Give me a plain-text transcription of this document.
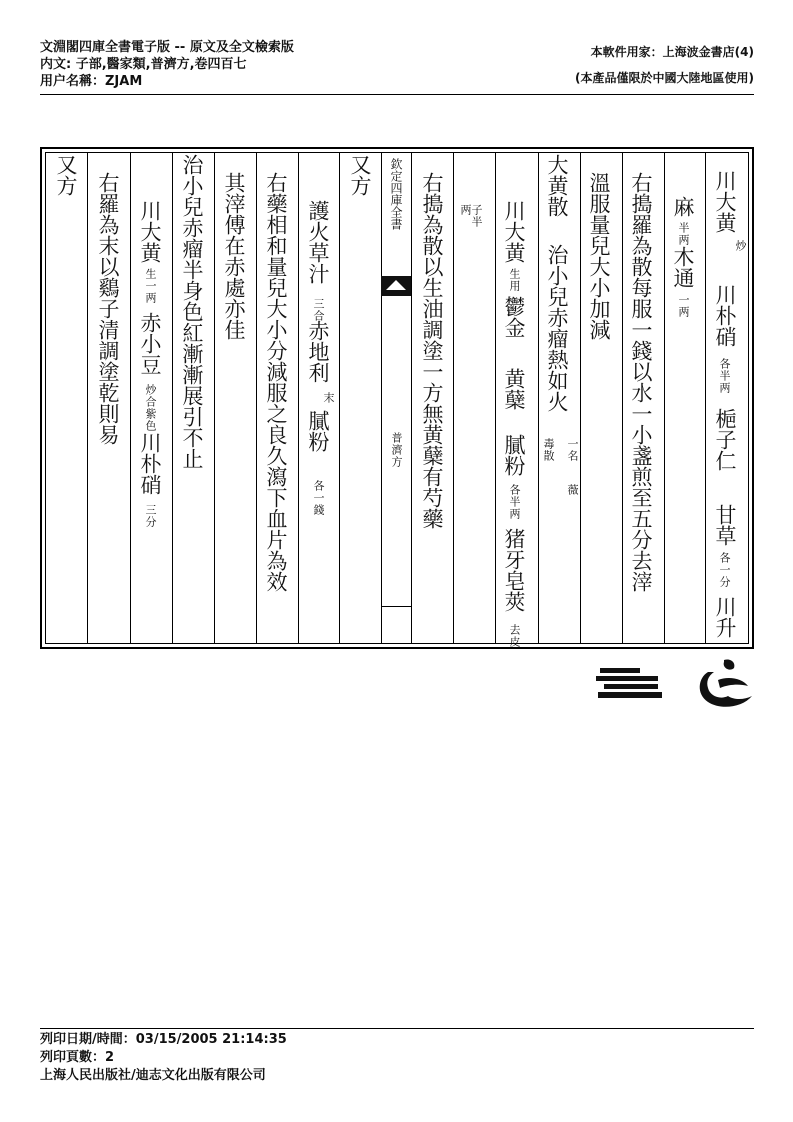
文淵閣四庫全書電子版 -- 原文及全文檢索版
内文: 子部,醫家類,普濟方,卷四百七
用户名稱：ZJAM
本軟件用家：上海波金書店(4)
(本產品僅限於中國大陸地區使用)
川大黄
炒
川朴硝
各半两
梔子仁
甘草
各一分
川升
麻
半两
木通
一两
右搗羅為散每服一錢以水一小盞煎至五分去滓
溫服量兒大小加減
大黄散
治小兒赤瘤熱如火
一名
毒散
薇
川大黄
生用
鬱金
黄蘖
膩粉
各半两
猪牙皂莢
去皮
子半
两
右搗為散以生油調塗一方無黄蘖有芍藥
欽定四庫全書
普濟方
又方
護火草汁
三合
赤地利
末
膩粉
各一錢
右藥相和量兒大小分減服之良久瀉下血片為效
其滓傅在赤處亦佳
治小兒赤瘤半身色紅漸漸展引不止
川大黄
生一两
赤小豆
炒合紫色
川朴硝
三分
右羅為末以鷄子清調塗乾則易
又方
列印日期/時間：03/15/2005 21:14:35
列印頁數：2
上海人民出版社/迪志文化出版有限公司
